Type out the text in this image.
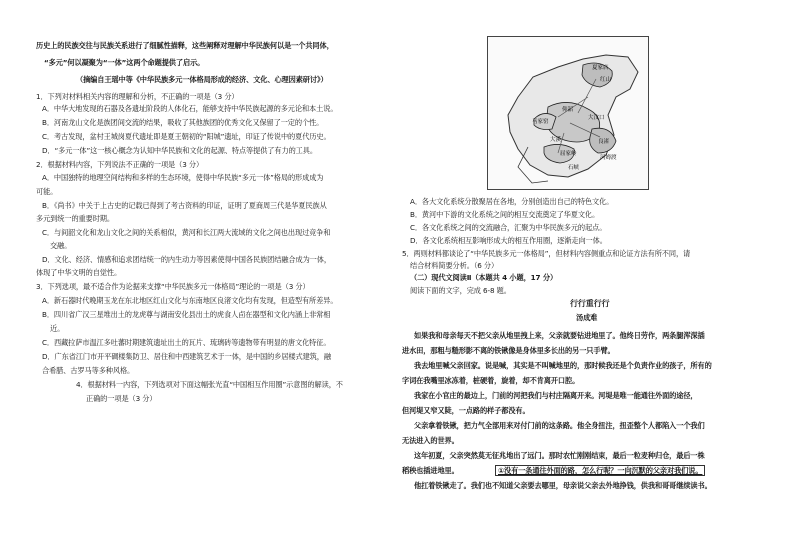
历史上的民族交往与民族关系进行了细腻性描释，这些阐释对理解中华民族何以是一个共同体，
“多元”何以凝聚为“一体”这两个命题提供了启示。
（摘编自王瑶中等《中华民族多元一体格局形成的经济、文化、心理因素研讨》）
1．下列对材料相关内容的理解和分析，不正确的一项是（3 分）
A．中华大地发现的石器及各遗址阶段的人体化石，能够支持中华民族起源的多元论和本土说。
B．河南龙山文化是族团间交流的结果，吸收了其他族团的优秀文化又保留了一定的个性。
C．考古发现，盆村王城岗夏代遗址即是夏王朝初的“阳城”遗址，印证了传说中的夏代历史。
D．“多元一体”这一核心概念为认知中华民族和文化的起源、特点等提供了有力的工具。
2．根据材料内容，下列说法不正确的一项是（3 分）
A．中国独特的地理空间结构和多样的生态环境，使得中华民族“多元一体”格局的形成成为
可能。
B．《尚书》中关于上古史的记载已得到了考古资料的印证，证明了夏商周三代是华夏民族从
多元到统一的重要时期。
C．与间韶文化和龙山文化之间的关系相似，黄河和长江两大流域的文化之间也出现过竞争和
交融。
D．文化、经济、情感和追求团结统一的内生动力等因素使得中国各民族团结融合成为一体，
体现了中华文明的自觉性。
3．下列选项，最不适合作为论据来支撑“中华民族多元一体格局”理论的一项是（3 分）
A．新石器时代晚期玉龙在东北地区红山文化与东南地区良渚文化均有发现，但造型有所差异。
B．四川省广汉三星堆出土的龙虎尊与湖南安化县出土的虎食人卣在器型和文化内涵上非常相
近。
C．西藏拉萨市温江多吐蕃时期建筑遗址出土的瓦片、琉璃砖等遗物带有明显的唐文化特征。
D．广东省江门市开平碉楼集防卫、居住和中西建筑艺术于一体，是中国的乡居楼式建筑，融
合希腊、古罗马等多种风格。
4．根据材料一内容，下列选项对下面这幅张光直“中国相互作用圈”示意图的解读，不
正确的一项是（3 分）
夏家店
红山
大汶口
仰韶
良渚
大溪
屈家岭
马家窑
河姆渡
石峡
A．各大文化系统分散聚居在各地，分别创造出自己的特色文化。
B．黄河中下游的文化系统之间的相互交流奠定了华夏文化。
C．各文化系统之间的交流融合，汇聚为中华民族多元的起点。
D．各文化系统相互影响形成大的相互作用圈，逐渐走向一体。
5．两则材料都谈论了“中华民族多元一体格局”，但材料内容侧重点和论证方法有所不同，请
结合材料简要分析。（6 分）
（二）现代文阅读Ⅱ（本题共 4 小题，17 分）
阅读下面的文字，完成 6-8 题。
行行重行行
汤成难
如果我和母亲每天不把父亲从地里拽上来，父亲就要钻进地里了。他终日劳作，两条腿浑深插
进水田，那粗与糙形影不离的铁锹像是身体里多长出的另一只手臂。
我去地里喊父亲回家。说是喊，其实是不叫喊地里的，那时候我还是个负责作业的孩子，所有的
字词在我嘴里冰冻着，桩硬着，旋着，却不肯离开口腔。
我家在小官庄的最边上，门前的河把我们与村庄隔离开来。河堤是唯一能通往外面的途径，
但河堤又窄又陡，一点路的样子都没有。
父亲拿着铁锹，把力气全部用来对付门前的这条路。他全身扭注，扭歪整个人都陷入一个我们
无法进入的世界。
这年初夏，父亲突然莫无征兆地出了远门。那时农忙刚刚结束，最后一粒麦种归仓，最后一株
稻秧也插进地里。	①没有一条通往外面的路，怎么行呢？一向沉默的父亲对我们说。
他扛着铁锹走了。我们也不知道父亲要去哪里，母亲说父亲去外地挣钱，供我和哥哥继续读书。
